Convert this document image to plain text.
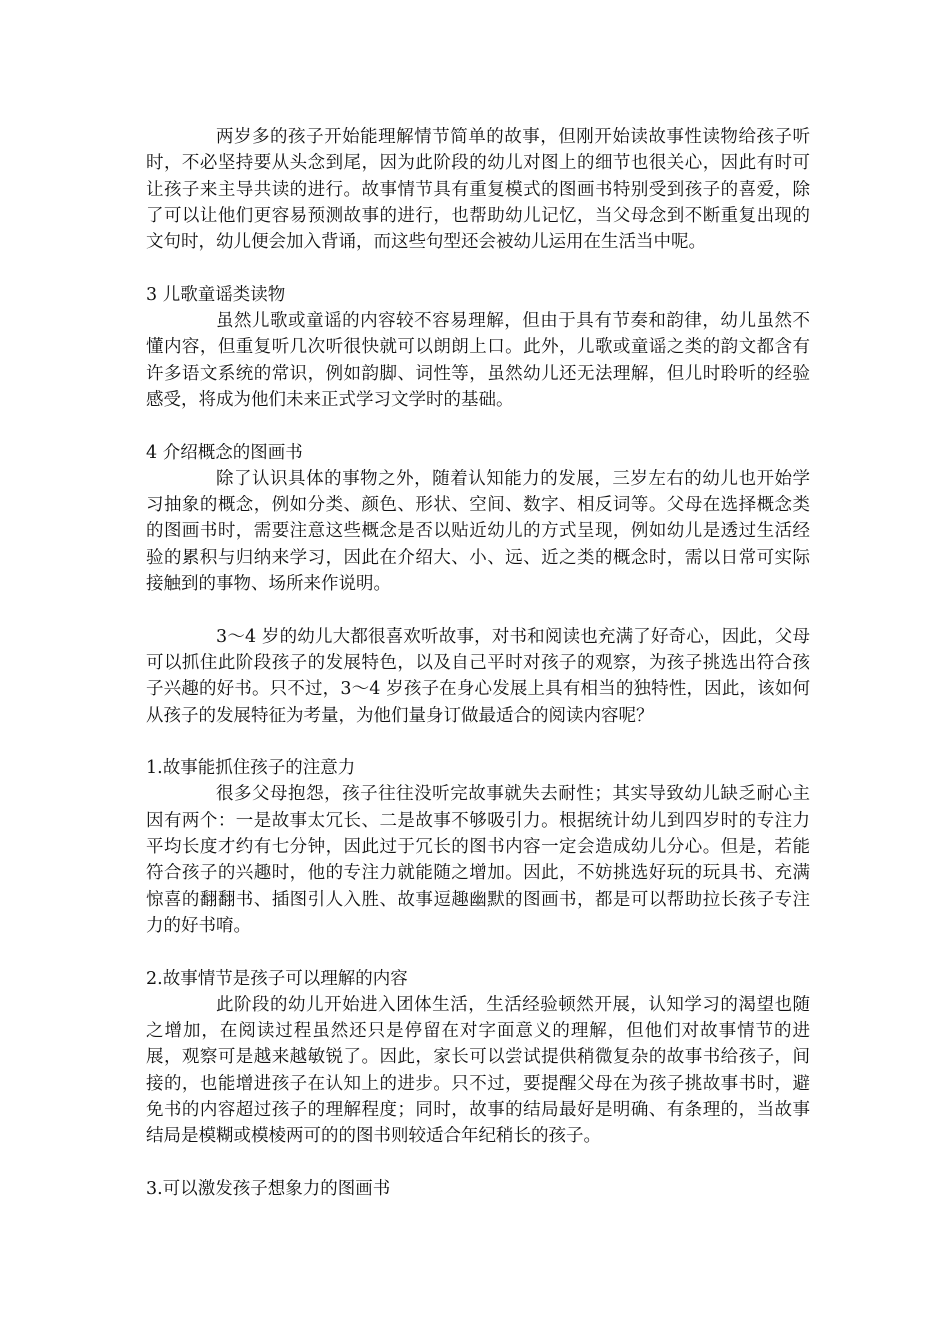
两岁多的孩子开始能理解情节简单的故事，但刚开始读故事性读物给孩子听时，不必坚持要从头念到尾，因为此阶段的幼儿对图上的细节也很关心，因此有时可让孩子来主导共读的进行。故事情节具有重复模式的图画书特别受到孩子的喜爱，除了可以让他们更容易预测故事的进行，也帮助幼儿记忆，当父母念到不断重复出现的文句时，幼儿便会加入背诵，而这些句型还会被幼儿运用在生活当中呢。

3 儿歌童谣类读物

虽然儿歌或童谣的内容较不容易理解，但由于具有节奏和韵律，幼儿虽然不懂内容，但重复听几次听很快就可以朗朗上口。此外，儿歌或童谣之类的韵文都含有许多语文系统的常识，例如韵脚、词性等，虽然幼儿还无法理解，但儿时聆听的经验感受，将成为他们未来正式学习文学时的基础。

4 介绍概念的图画书

除了认识具体的事物之外，随着认知能力的发展，三岁左右的幼儿也开始学习抽象的概念，例如分类、颜色、形状、空间、数字、相反词等。父母在选择概念类的图画书时，需要注意这些概念是否以贴近幼儿的方式呈现，例如幼儿是透过生活经验的累积与归纳来学习，因此在介绍大、小、远、近之类的概念时，需以日常可实际接触到的事物、场所来作说明。

3～4 岁的幼儿大都很喜欢听故事，对书和阅读也充满了好奇心，因此，父母可以抓住此阶段孩子的发展特色，以及自己平时对孩子的观察，为孩子挑选出符合孩子兴趣的好书。只不过，3～4 岁孩子在身心发展上具有相当的独特性，因此，该如何从孩子的发展特征为考量，为他们量身订做最适合的阅读内容呢？

1.故事能抓住孩子的注意力

很多父母抱怨，孩子往往没听完故事就失去耐性；其实导致幼儿缺乏耐心主因有两个：一是故事太冗长、二是故事不够吸引力。根据统计幼儿到四岁时的专注力平均长度才约有七分钟，因此过于冗长的图书内容一定会造成幼儿分心。但是，若能符合孩子的兴趣时，他的专注力就能随之增加。因此，不妨挑选好玩的玩具书、充满惊喜的翻翻书、插图引人入胜、故事逗趣幽默的图画书，都是可以帮助拉长孩子专注力的好书唷。

2.故事情节是孩子可以理解的内容

此阶段的幼儿开始进入团体生活，生活经验顿然开展，认知学习的渴望也随之增加，在阅读过程虽然还只是停留在对字面意义的理解，但他们对故事情节的进展，观察可是越来越敏锐了。因此，家长可以尝试提供稍微复杂的故事书给孩子，间接的，也能增进孩子在认知上的进步。只不过，要提醒父母在为孩子挑故事书时，避免书的内容超过孩子的理解程度；同时，故事的结局最好是明确、有条理的，当故事结局是模糊或模棱两可的的图书则较适合年纪稍长的孩子。

3.可以激发孩子想象力的图画书
